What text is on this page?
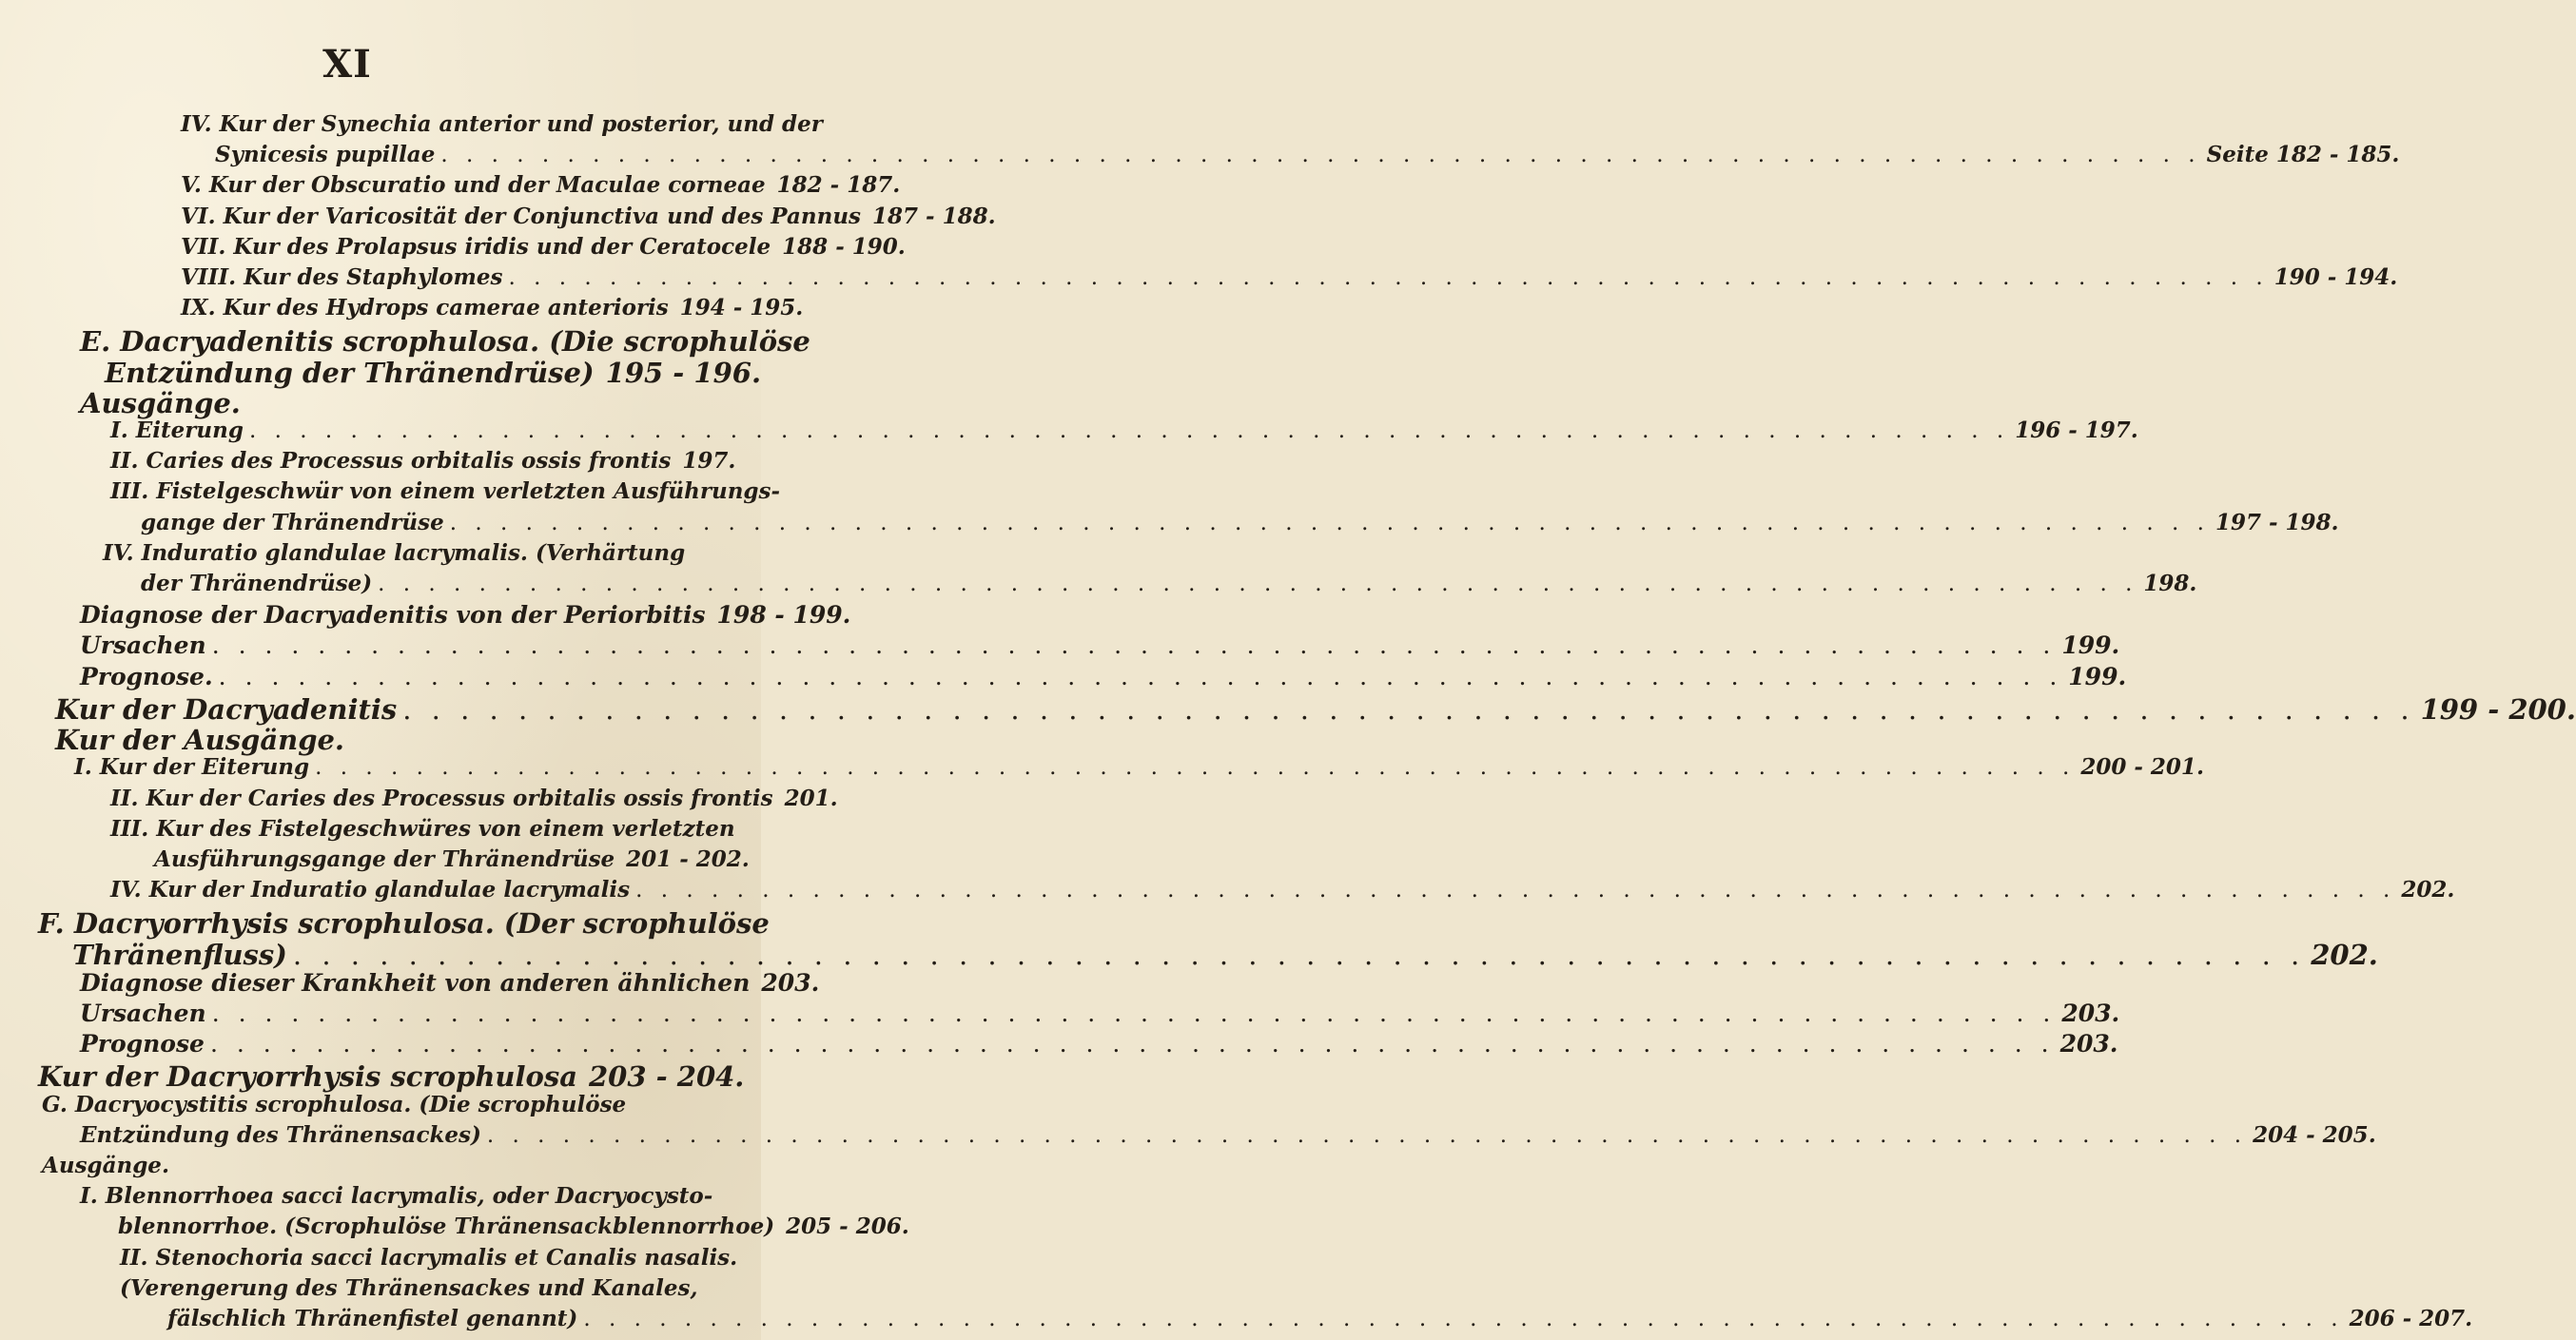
XI
IV. Kur der Synechia anterior und posterior, und der
Synicesis pupillae . . .	Seite 182 - 185.
V. Kur der Obscuratio und der Maculae corneae 182 - 187.
VI. Kur der Varicosität der Conjunctiva und des Pannus 187 - 188.
VII. Kur des Prolapsus iridis und der Ceratocele 188 - 190.
VIII. Kur des Staphylomes . . .	190 - 194.
IX. Kur des Hydrops camerae anterioris 194 - 195.
E. Dacryadenitis scrophulosa. (Die scrophulöse
Entzündung der Thränendrüse) 195 - 196.
Ausgänge.
I. Eiterung . . .	196 - 197.
II. Caries des Processus orbitalis ossis frontis 197.
III. Fistelgeschwür von einem verletzten Ausführungs-
gange der Thränendrüse . . .	197 - 198.
IV. Induratio glandulae lacrymalis. (Verhärtung
der Thränendrüse) . . .	198.
Diagnose der Dacryadenitis von der Periorbitis 198 - 199.
Ursachen . . .	199.
Prognose. . . .	199.
Kur der Dacryadenitis . . .	199 - 200.
Kur der Ausgänge.
I. Kur der Eiterung . . .	200 - 201.
II. Kur der Caries des Processus orbitalis ossis frontis 201.
III. Kur des Fistelgeschwüres von einem verletzten
Ausführungsgange der Thränendrüse 201 - 202.
IV. Kur der Induratio glandulae lacrymalis . . .	202.
F. Dacryorrhysis scrophulosa. (Der scrophulöse
Thränenfluss) . . .	202.
Diagnose dieser Krankheit von anderen ähnlichen 203.
Ursachen . . .	203.
Prognose . . .	203.
Kur der Dacryorrhysis scrophulosa 203 - 204.
G. Dacryocystitis scrophulosa. (Die scrophulöse
Entzündung des Thränensackes) . . .	204 - 205.
Ausgänge.
I. Blennorrhoea sacci lacrymalis, oder Dacryocysto-
blennorrhoe. (Scrophulöse Thränensackblennorrhoe) 205 - 206.
II. Stenochoria sacci lacrymalis et Canalis nasalis.
(Verengerung des Thränensackes und Kanales,
fälschlich Thränenfistel genannt) . . .	206 - 207.
